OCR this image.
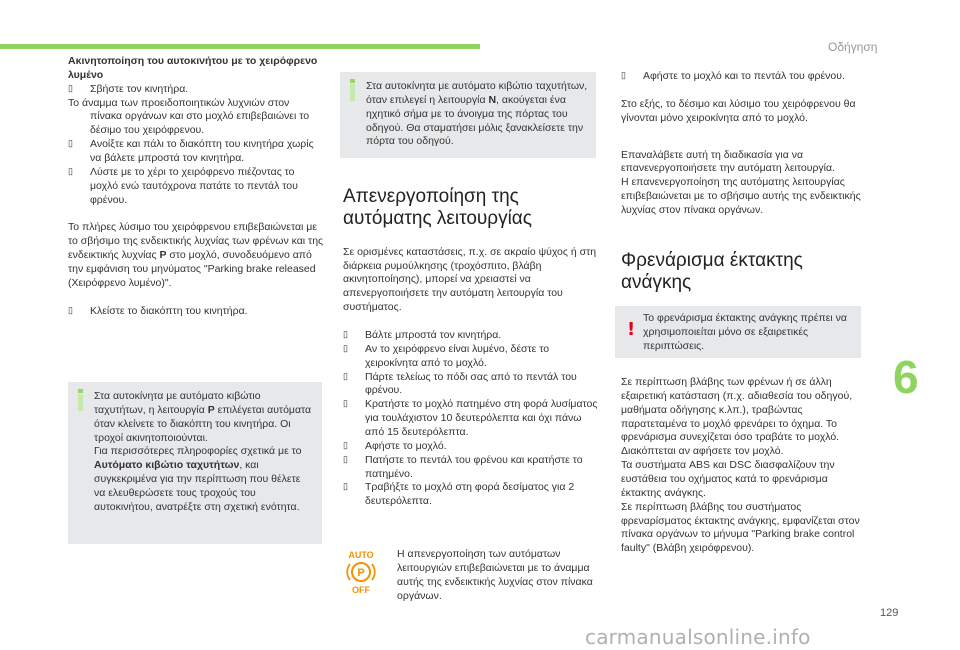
Οδήγηση

Ακινητοποίηση του αυτοκινήτου με το χειρόφρενο λυμένο

▯ Σβήστε τον κινητήρα.

Το άναμμα των προειδοποιητικών λυχνιών στον πίνακα οργάνων και στο μοχλό επιβεβαιώνει το δέσιμο του χειρόφρενου.

▯ Ανοίξτε και πάλι το διακόπτη του κινητήρα χωρίς να βάλετε μπροστά τον κινητήρα.

▯ Λύστε με το χέρι το χειρόφρενο πιέζοντας το μοχλό ενώ ταυτόχρονα πατάτε το πεντάλ του φρένου.

Το πλήρες λύσιμο του χειρόφρενου επιβεβαιώνεται με το σβήσιμο της ενδεικτικής λυχνίας των φρένων και της ενδεικτικής λυχνίας P στο μοχλό, συνοδευόμενο από την εμφάνιση του μηνύματος "Parking brake released (Χειρόφρενο λυμένο)".

▯ Κλείστε το διακόπτη του κινητήρα.

Στα αυτοκίνητα με αυτόματο κιβώτιο ταχυτήτων, η λειτουργία P επιλέγεται αυτόματα όταν κλείνετε το διακόπτη του κινητήρα. Οι τροχοί ακινητοποιούνται.

Για περισσότερες πληροφορίες σχετικά με το Αυτόματο κιβώτιο ταχυτήτων, και συγκεκριμένα για την περίπτωση που θέλετε να ελευθερώσετε τους τροχούς του αυτοκινήτου, ανατρέξτε στη σχετική ενότητα.

Στα αυτοκίνητα με αυτόματο κιβώτιο ταχυτήτων, όταν επιλεγεί η λειτουργία N, ακούγεται ένα ηχητικό σήμα με το άνοιγμα της πόρτας του οδηγού. Θα σταματήσει μόλις ξανακλείσετε την πόρτα του οδηγού.

Απενεργοποίηση της αυτόματης λειτουργίας

Σε ορισμένες καταστάσεις, π.χ. σε ακραίο ψύχος ή στη διάρκεια ρυμούλκησης (τροχόσπιτο, βλάβη ακινητοποίησης), μπορεί να χρειαστεί να απενεργοποιήσετε την αυτόματη λειτουργία του συστήματος.

▯ Βάλτε μπροστά τον κινητήρα.

▯ Αν το χειρόφρενο είναι λυμένο, δέστε το χειροκίνητα από το μοχλό.

▯ Πάρτε τελείως το πόδι σας από το πεντάλ του φρένου.

▯ Κρατήστε το μοχλό πατημένο στη φορά λυσίματος για τουλάχιστον 10 δευτερόλεπτα και όχι πάνω από 15 δευτερόλεπτα.

▯ Αφήστε το μοχλό.

▯ Πατήστε το πεντάλ του φρένου και κρατήστε το πατημένο.

▯ Τραβήξτε το μοχλό στη φορά δεσίματος για 2 δευτερόλεπτα.

AUTO
P
OFF

Η απενεργοποίηση των αυτόματων λειτουργιών επιβεβαιώνεται με το άναμμα αυτής της ενδεικτικής λυχνίας στον πίνακα οργάνων.

▯ Αφήστε το μοχλό και το πεντάλ του φρένου.

Στο εξής, το δέσιμο και λύσιμο του χειρόφρενου θα γίνονται μόνο χειροκίνητα από το μοχλό.

Επαναλάβετε αυτή τη διαδικασία για να επανενεργοποιήσετε την αυτόματη λειτουργία.

Η επανενεργοποίηση της αυτόματης λειτουργίας επιβεβαιώνεται με το σβήσιμο αυτής της ενδεικτικής λυχνίας στον πίνακα οργάνων.

Φρενάρισμα έκτακτης ανάγκης
!
Το φρενάρισμα έκτακτης ανάγκης πρέπει να χρησιμοποιείται μόνο σε εξαιρετικές περιπτώσεις.

Σε περίπτωση βλάβης των φρένων ή σε άλλη εξαιρετική κατάσταση (π.χ. αδιαθεσία του οδηγού, μαθήματα οδήγησης κ.λπ.), τραβώντας παρατεταμένα το μοχλό φρενάρει το όχημα. Το φρενάρισμα συνεχίζεται όσο τραβάτε το μοχλό. Διακόπτεται αν αφήσετε τον μοχλό.

Τα συστήματα ABS και DSC διασφαλίζουν την ευστάθεια του οχήματος κατά το φρενάρισμα έκτακτης ανάγκης.

Σε περίπτωση βλάβης του συστήματος φρεναρίσματος έκτακτης ανάγκης, εμφανίζεται στον πίνακα οργάνων το μήνυμα "Parking brake control faulty" (Βλάβη χειρόφρενου).

6
129
carmanualsonline.info
